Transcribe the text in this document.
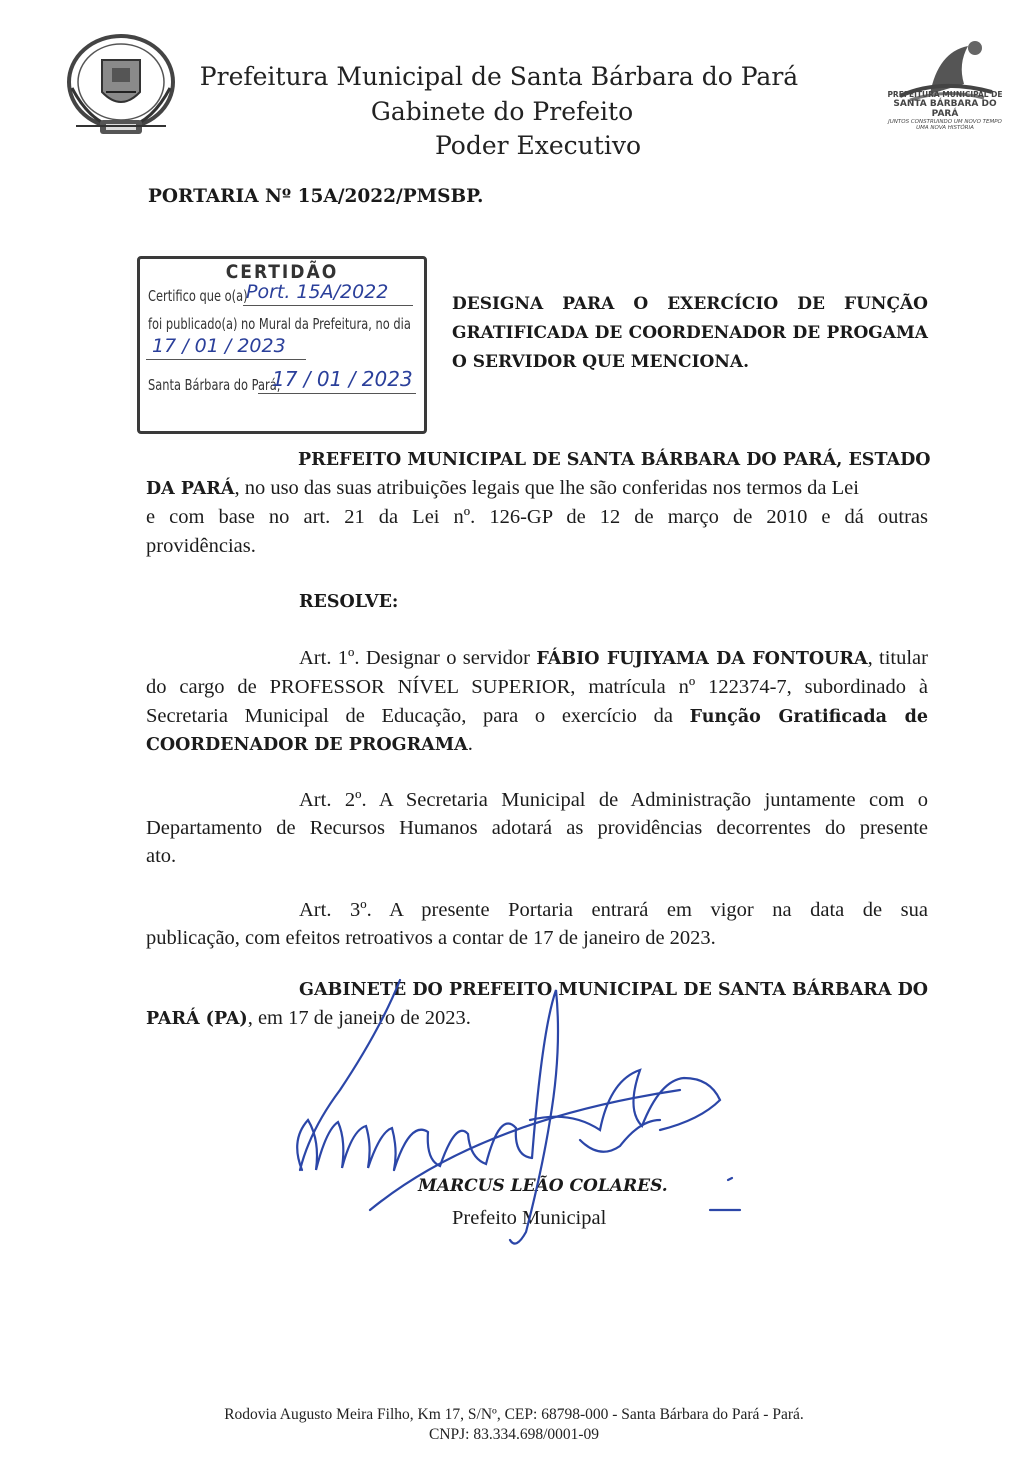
Prefeitura Municipal de Santa Bárbara do Pará
Gabinete do Prefeito
Poder Executivo
PREFEITURA MUNICIPAL DE
SANTA BÁRBARA DO PARÁ
JUNTOS CONSTRUINDO UM NOVO TEMPO
UMA NOVA HISTÓRIA
PORTARIA Nº 15A/2022/PMSBP.
CERTIDÃO
Certifico que o(a)
Port. 15A/2022
foi publicado(a) no Mural da Prefeitura, no dia
17 / 01 / 2023
Santa Bárbara do Pará,
17 / 01 / 2023
DESIGNA PARA O EXERCÍCIO DE FUNÇÃO
GRATIFICADA DE COORDENADOR DE PROGAMA
O SERVIDOR QUE MENCIONA.
PREFEITO MUNICIPAL DE SANTA BÁRBARA DO PARÁ, ESTADO
DA PARÁ, no uso das suas atribuições legais que lhe são conferidas nos termos da Lei
e com base no art. 21 da Lei nº. 126-GP de 12 de março de 2010 e dá outras
providências.
RESOLVE:
Art. 1º. Designar o servidor FÁBIO FUJIYAMA DA FONTOURA, titular
do cargo de PROFESSOR NÍVEL SUPERIOR, matrícula nº 122374-7, subordinado à
Secretaria Municipal de Educação, para o exercício da Função Gratificada de
COORDENADOR DE PROGRAMA.
Art. 2º. A Secretaria Municipal de Administração juntamente com o
Departamento de Recursos Humanos adotará as providências decorrentes do presente
ato.
Art. 3º. A presente Portaria entrará em vigor na data de sua
publicação, com efeitos retroativos a contar de 17 de janeiro de 2023.
GABINETE DO PREFEITO MUNICIPAL DE SANTA BÁRBARA DO
PARÁ (PA), em 17 de janeiro de 2023.
MARCUS LEÃO COLARES.
Prefeito Municipal
Rodovia Augusto Meira Filho, Km 17, S/Nº, CEP: 68798-000 - Santa Bárbara do Pará - Pará.
CNPJ: 83.334.698/0001-09
